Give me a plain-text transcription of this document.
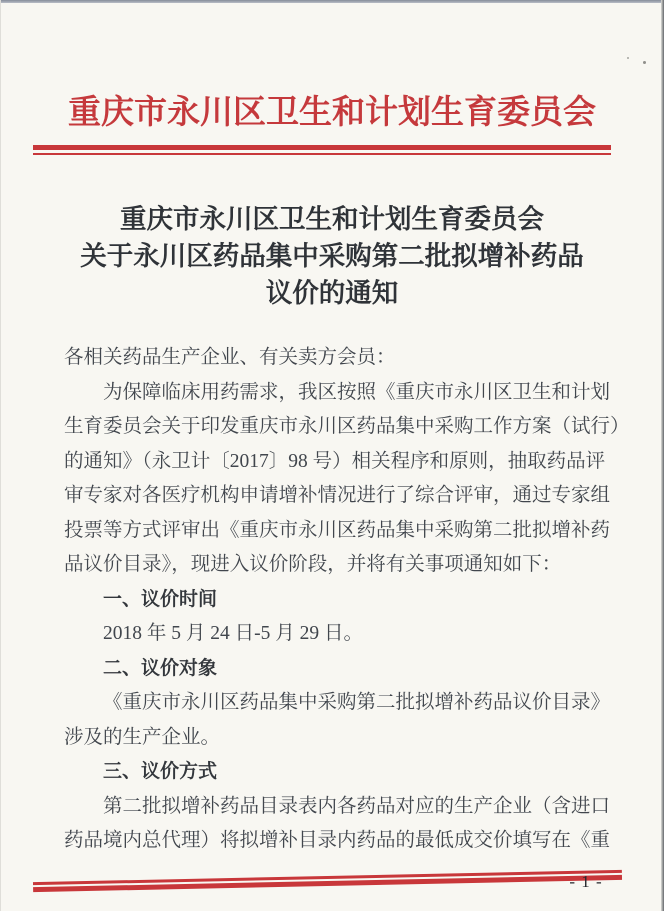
重庆市永川区卫生和计划生育委员会
重庆市永川区卫生和计划生育委员会
关于永川区药品集中采购第二批拟增补药品
议价的通知
各相关药品生产企业、有关卖方会员：
为保障临床用药需求，我区按照《重庆市永川区卫生和计划
生育委员会关于印发重庆市永川区药品集中采购工作方案（试行）
的通知》（永卫计〔2017〕98 号）相关程序和原则，抽取药品评
审专家对各医疗机构申请增补情况进行了综合评审，通过专家组
投票等方式评审出《重庆市永川区药品集中采购第二批拟增补药
品议价目录》，现进入议价阶段，并将有关事项通知如下：
一、议价时间
2018 年 5 月 24 日-5 月 29 日。
二、议价对象
《重庆市永川区药品集中采购第二批拟增补药品议价目录》
涉及的生产企业。
三、议价方式
第二批拟增补药品目录表内各药品对应的生产企业（含进口
药品境内总代理）将拟增补目录内药品的最低成交价填写在《重
- 1 -
